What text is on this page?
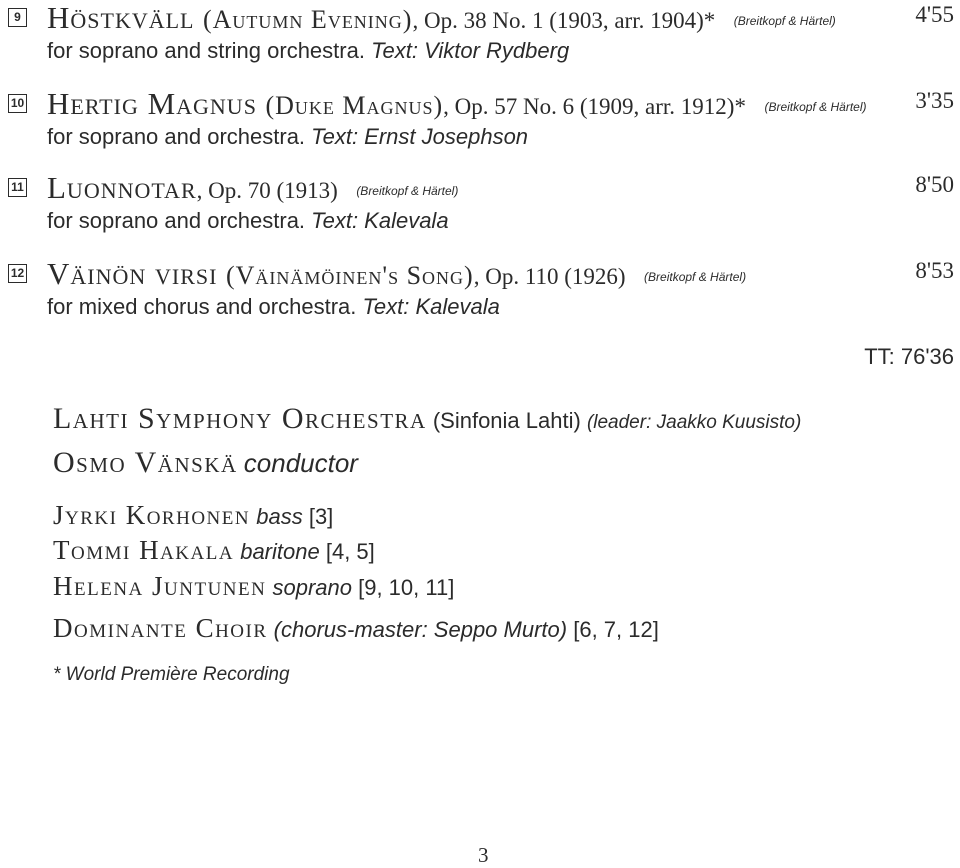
9 Höstkväll (Autumn Evening), Op. 38 No. 1 (1903, arr. 1904)* (Breitkopf & Härtel)	4'55
for soprano and string orchestra. Text: Viktor Rydberg
10 Hertig Magnus (Duke Magnus), Op. 57 No. 6 (1909, arr. 1912)* (Breitkopf & Härtel) 3'35
for soprano and orchestra. Text: Ernst Josephson
11 Luonnotar, Op. 70 (1913) (Breitkopf & Härtel)	8'50
for soprano and orchestra. Text: Kalevala
12 Väinön virsi (Väinämöinen's Song), Op. 110 (1926) (Breitkopf & Härtel)	8'53
for mixed chorus and orchestra. Text: Kalevala
TT: 76'36
Lahti Symphony Orchestra (Sinfonia Lahti) (leader: Jaakko Kuusisto)
Osmo Vänskä conductor
Jyrki Korhonen bass [3]
Tommi Hakala baritone [4, 5]
Helena Juntunen soprano [9, 10, 11]
Dominante Choir (chorus-master: Seppo Murto) [6, 7, 12]
* World Première Recording
3
